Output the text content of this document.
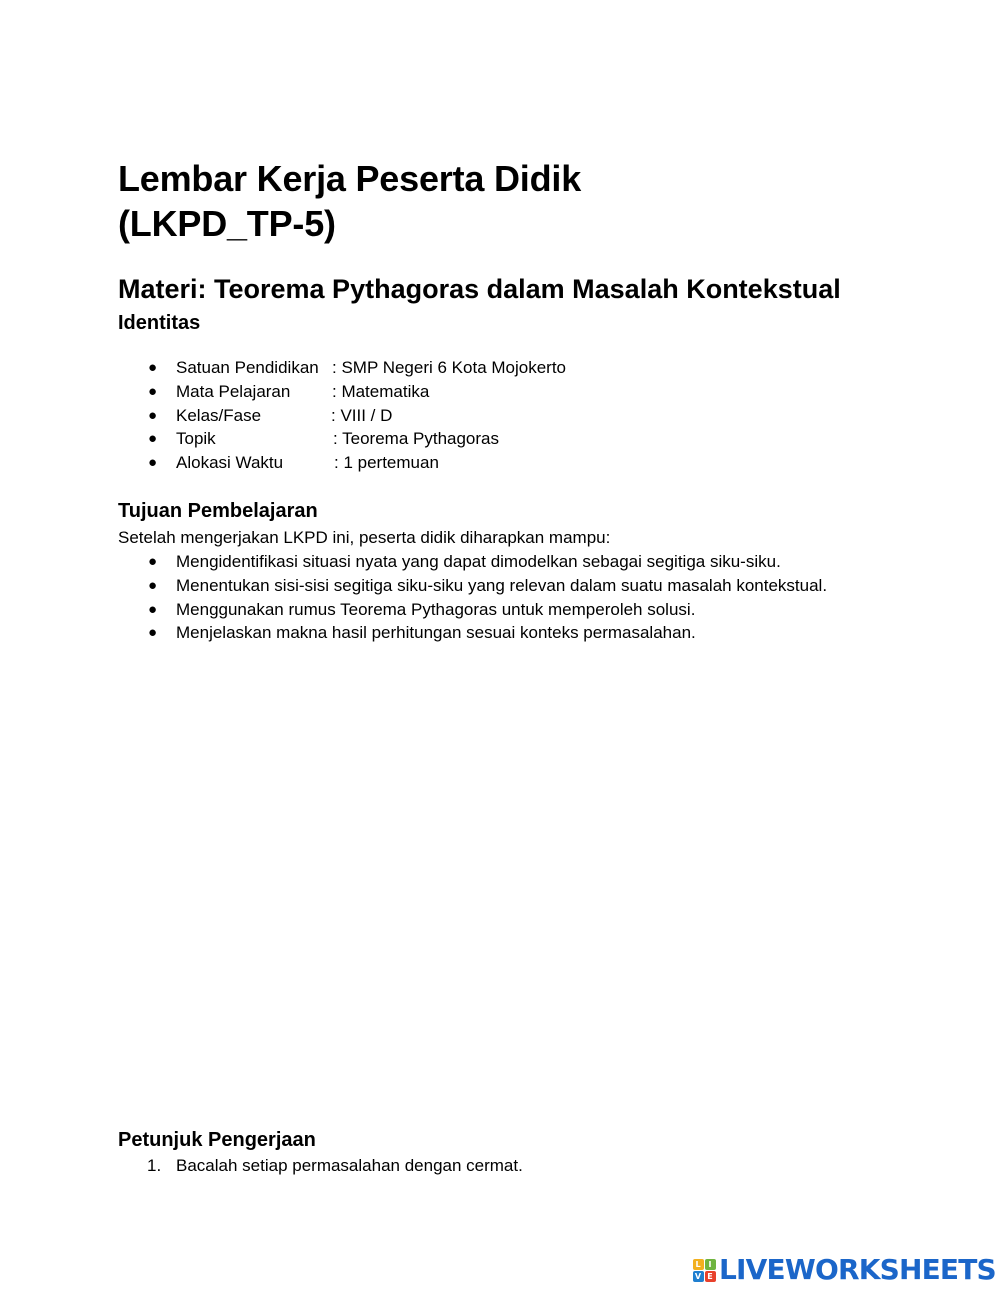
Lembar Kerja Peserta Didik
(LKPD_TP-5)
Materi: Teorema Pythagoras dalam Masalah Kontekstual
Identitas
● Satuan Pendidikan : SMP Negeri 6 Kota Mojokerto
● Mata Pelajaran : Matematika
● Kelas/Fase	: VIII / D
● Topik	: Teorema Pythagoras
● Alokasi Waktu	: 1 pertemuan
Tujuan Pembelajaran

Setelah mengerjakan LKPD ini, peserta didik diharapkan mampu:

● Mengidentifikasi situasi nyata yang dapat dimodelkan sebagai segitiga siku-siku.
● Menentukan sisi-sisi segitiga siku-siku yang relevan dalam suatu masalah kontekstual.
● Menggunakan rumus Teorema Pythagoras untuk memperoleh solusi.
● Menjelaskan makna hasil perhitungan sesuai konteks permasalahan.
Petunjuk Pengerjaan
1. Bacalah setiap permasalahan dengan cermat.
L I
V E LIVEWORKSHEETS
